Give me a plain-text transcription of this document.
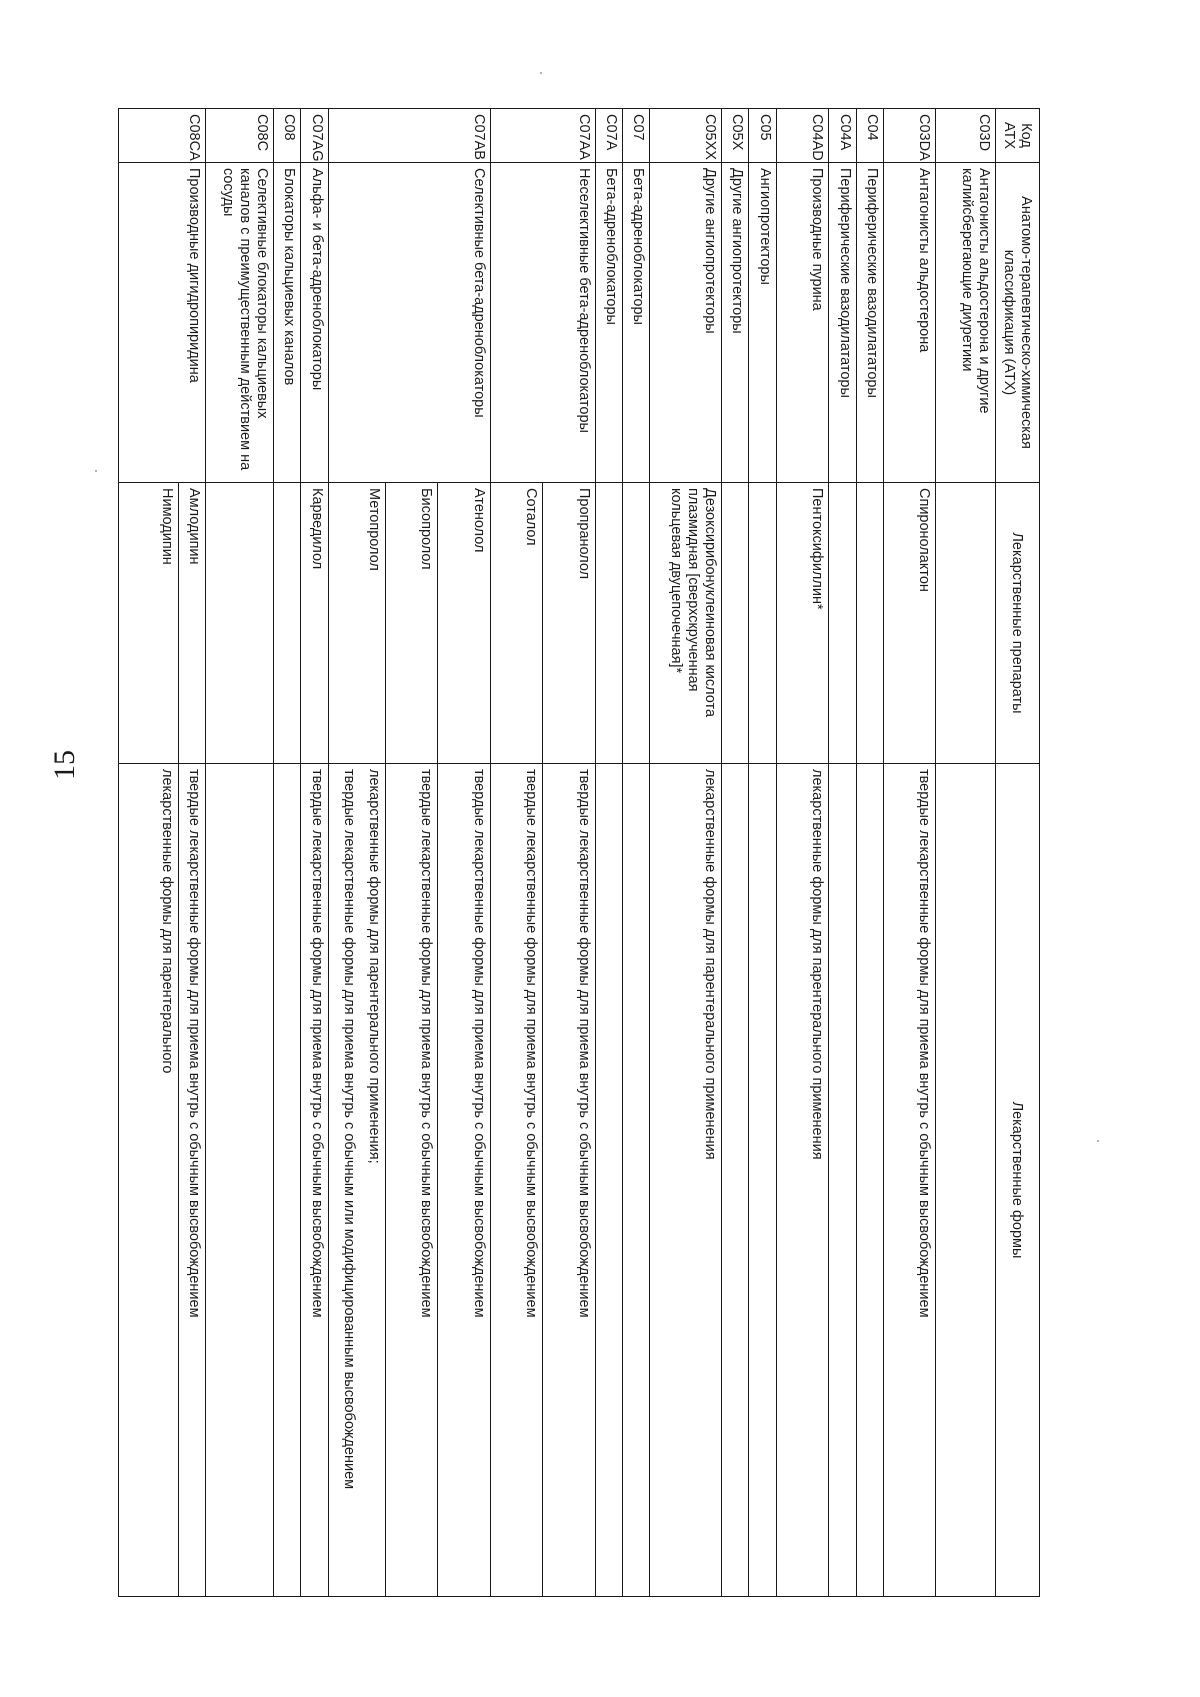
15
Код АТХ	Анатомо-терапевтическо-химическая классификация (АТХ)	Лекарственные препараты	Лекарственные формы
C03D	Антагонисты альдостерона и другие калийсберегающие диуретики		

C03DA	Антагонисты альдостерона	Спиронолактон	твердые лекарственные формы для приема внутрь с обычным высвобождением

C04	Периферические вазодилататоры		

C04A	Периферические вазодилататоры		

C04AD	Производные пурина	Пентоксифиллин*	лекарственные формы для парентерального применения

C05	Ангиопротекторы		

C05X	Другие ангиопротекторы		

C05XX	Другие ангиопротекторы	Дезоксирибонуклеиновая кислота плазмидная [сверхскрученная кольцевая двуцепочечная]*	лекарственные формы для парентерального применения

C07	Бета-адреноблокаторы		

C07A	Бета-адреноблокаторы		

C07AA	Неселективные бета-адреноблокаторы	Пропранолол	твердые лекарственные формы для приема внутрь с обычным высвобождением

		Соталол	твердые лекарственные формы для приема внутрь с обычным высвобождением

C07AB	Селективные бета-адреноблокаторы	Атенолол	твердые лекарственные формы для приема внутрь с обычным высвобождением

		Бисопролол	твердые лекарственные формы для приема внутрь с обычным высвобождением

		Метопролол	лекарственные формы для парентерального применения;
твердые лекарственные формы для приема внутрь с обычным или модифицированным высвобождением

C07AG	Альфа- и бета-адреноблокаторы	Карведилол	твердые лекарственные формы для приема внутрь с обычным высвобождением

C08	Блокаторы кальциевых каналов		

C08C	Селективные блокаторы кальциевых каналов с преимущественным действием на сосуды		

C08CA	Производные дигидропиридина	Амлодипин	твердые лекарственные формы для приема внутрь с обычным высвобождением

		Нимодипин	лекарственные формы для парентерального
